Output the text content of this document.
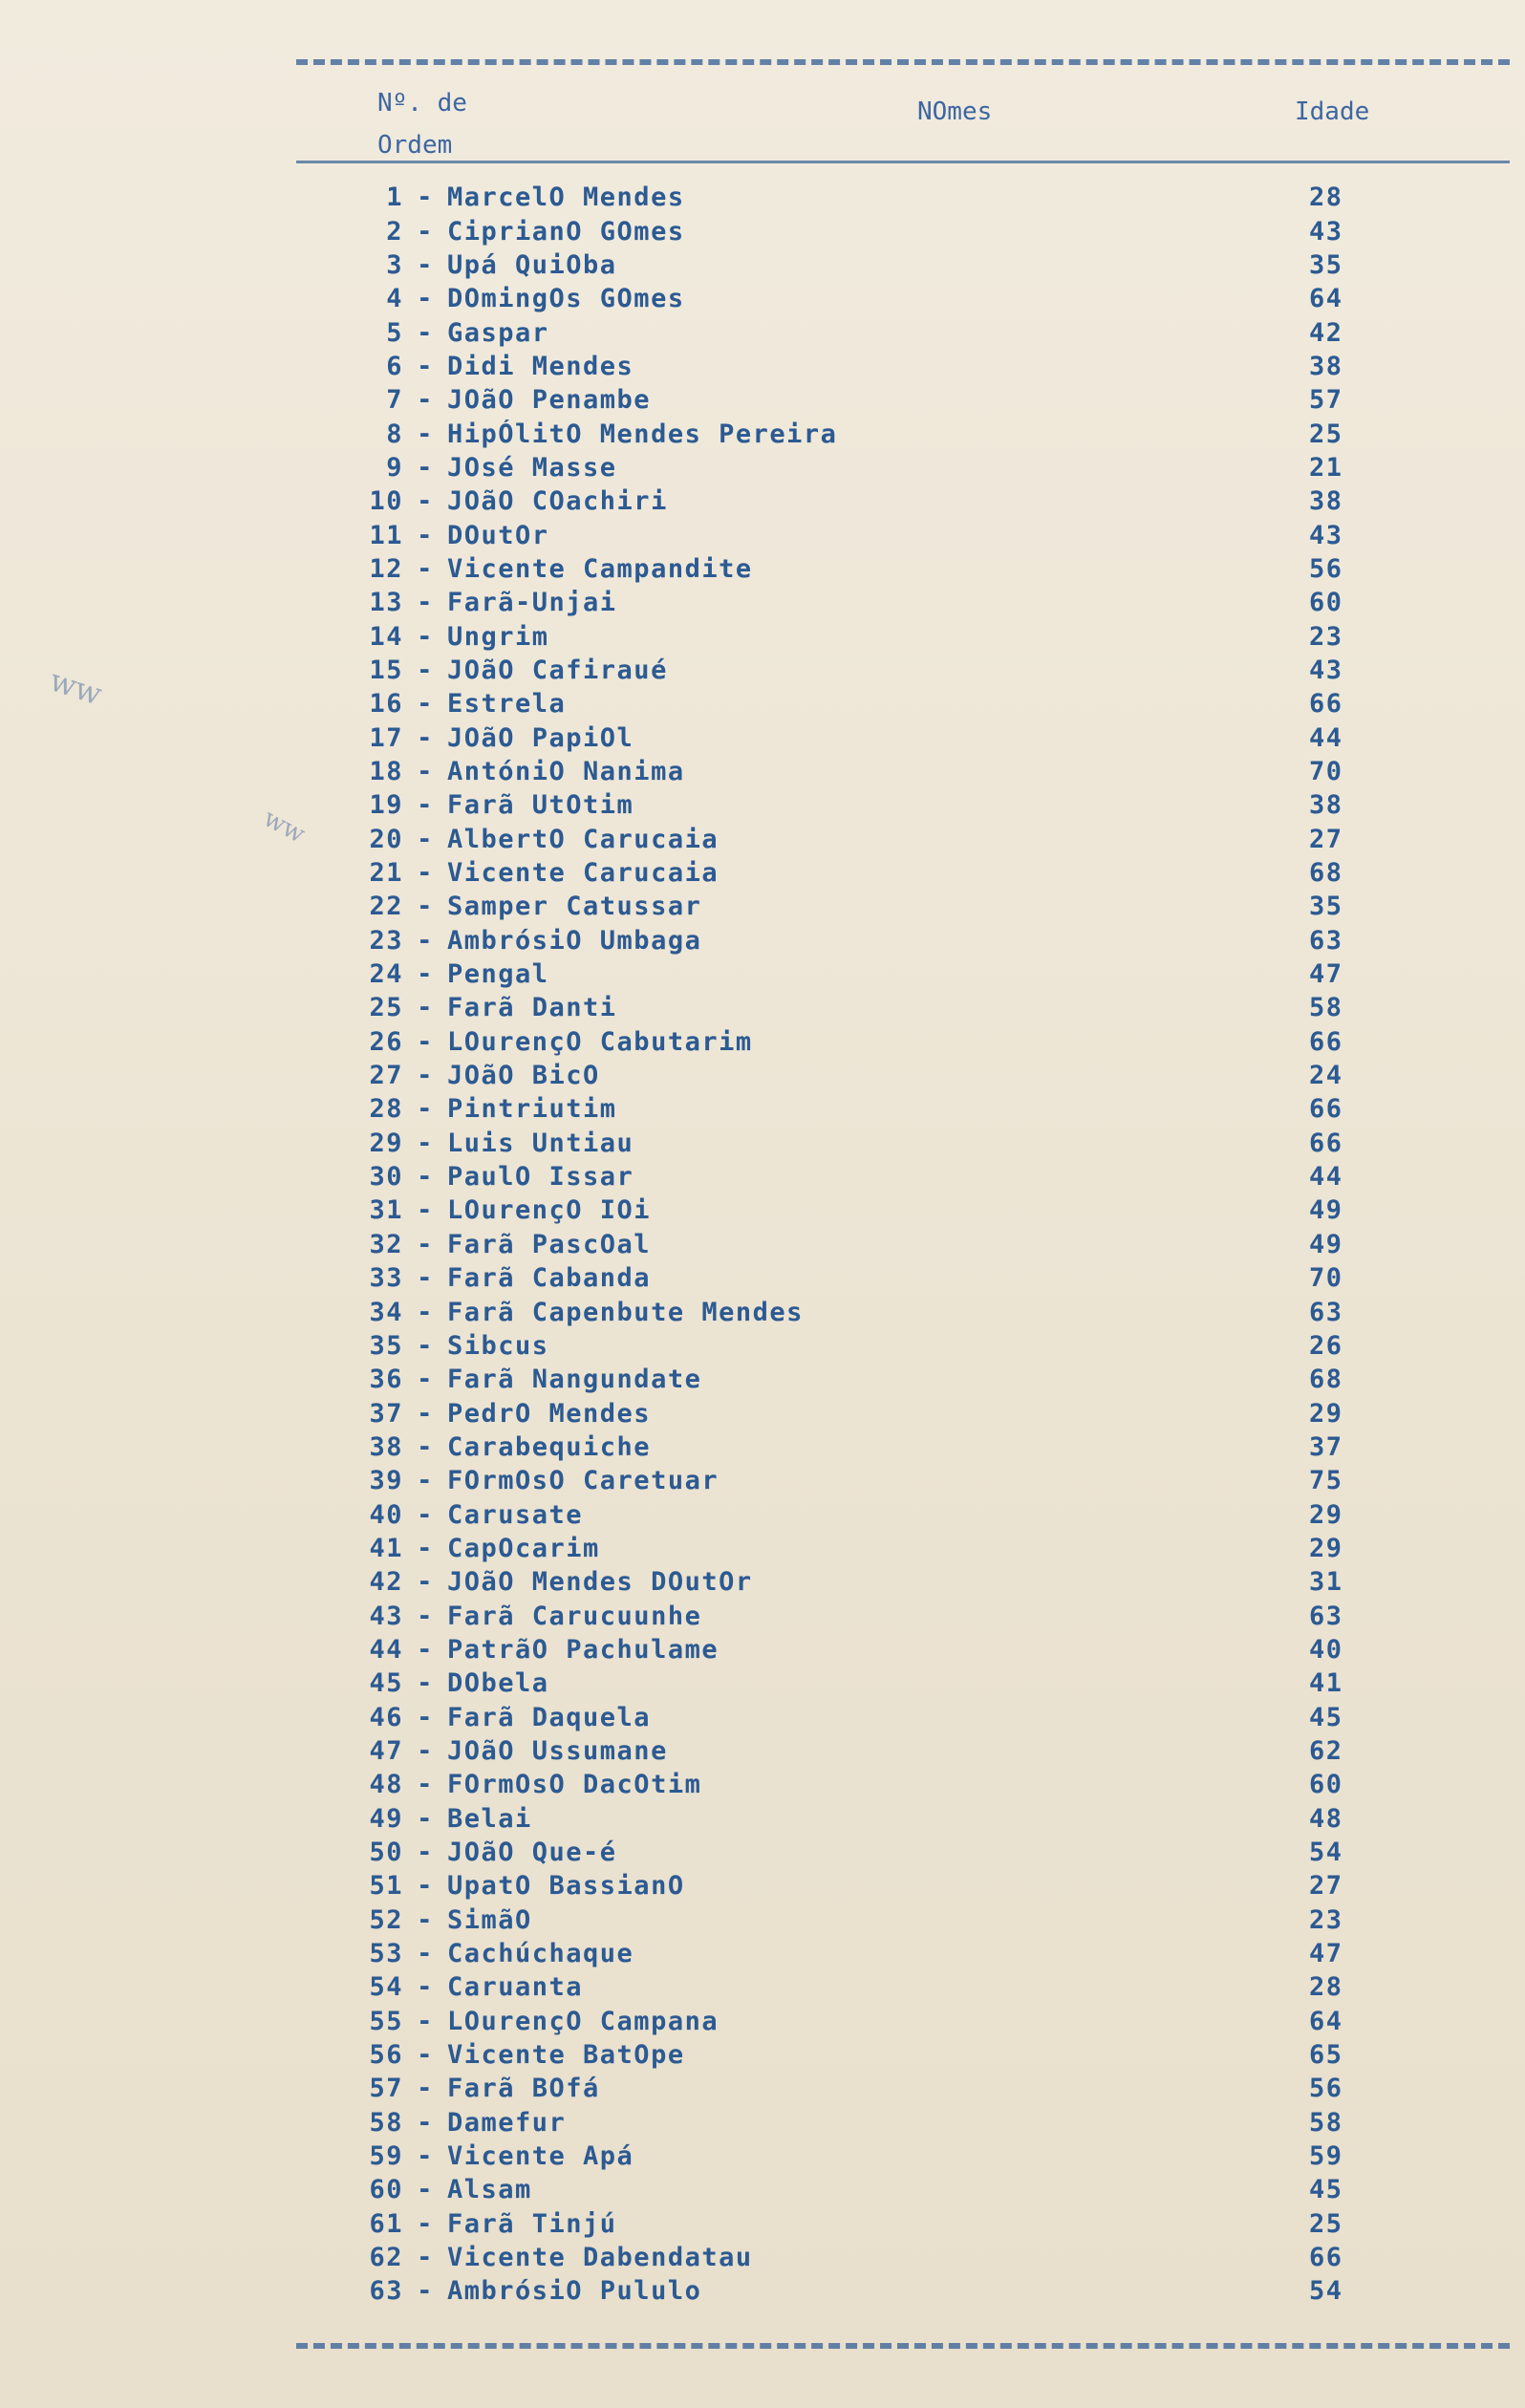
Nº. de
Ordem
NOmes	Idade
1 - MarcelO Mendes	28
2 - CiprianO GOmes	43
3 - Upá QuiOba	35
4 - DOmingOs GOmes	64
5 - Gaspar	42
6 - Didi Mendes	38
7 - JOãO Penambe	57
8 - HipÓlitO Mendes Pereira	25
9 - JOsé Masse	21
10 - JOãO COachiri	38
11 - DOutOr	43
12 - Vicente Campandite	56
13 - Farã-Unjai	60
14 - Ungrim	23
15 - JOãO Cafiraué	43
16 - Estrela	66
17 - JOãO PapiOl	44
18 - AntóniO Nanima	70
19 - Farã UtOtim	38
20 - AlbertO Carucaia	27
21 - Vicente Carucaia	68
22 - Samper Catussar	35
23 - AmbrósiO Umbaga	63
24 - Pengal	47
25 - Farã Danti	58
26 - LOurençO Cabutarim	66
27 - JOãO BicO	24
28 - Pintriutim	66
29 - Luis Untiau	66
30 - PaulO Issar	44
31 - LOurençO IOi	49
32 - Farã PascOal	49
33 - Farã Cabanda	70
34 - Farã Capenbute Mendes	63
35 - Sibcus	26
36 - Farã Nangundate	68
37 - PedrO Mendes	29
38 - Carabequiche	37
39 - FOrmOsO Caretuar	75
40 - Carusate	29
41 - CapOcarim	29
42 - JOãO Mendes DOutOr	31
43 - Farã Carucuunhe	63
44 - PatrãO Pachulame	40
45 - DObela	41
46 - Farã Daquela	45
47 - JOãO Ussumane	62
48 - FOrmOsO DacOtim	60
49 - Belai	48
50 - JOãO Que-é	54
51 - UpatO BassianO	27
52 - SimãO	23
53 - Cachúchaque	47
54 - Caruanta	28
55 - LOurençO Campana	64
56 - Vicente BatOpe	65
57 - Farã BOfá	56
58 - Damefur	58
59 - Vicente Apá	59
60 - Alsam	45
61 - Farã Tinjú	25
62 - Vicente Dabendatau	66
63 - AmbrósiO Pululo	54
ww
ww
